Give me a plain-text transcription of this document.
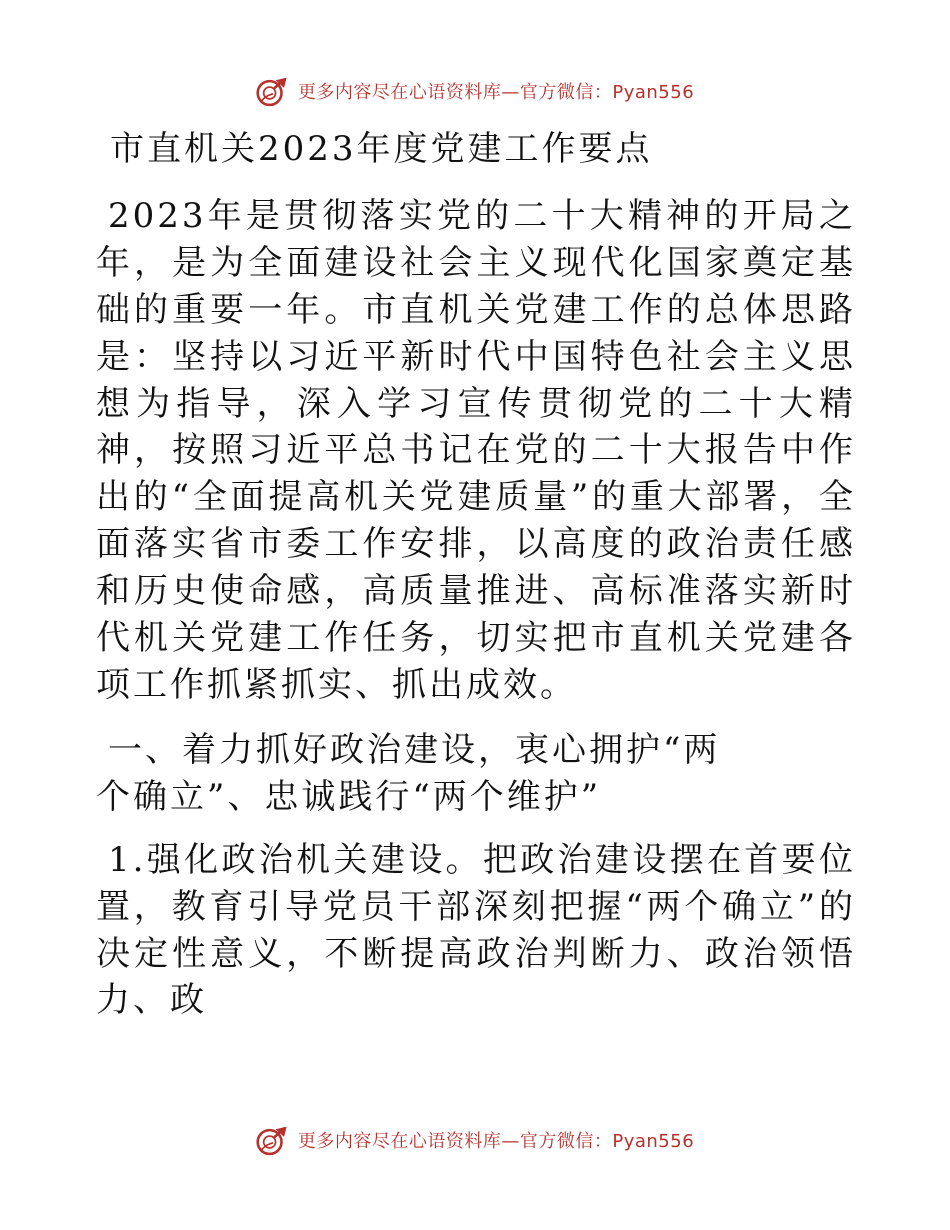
更多内容尽在心语资料库—官方微信：Pyan556
市直机关2023年度党建工作要点

2023年是贯彻落实党的二十大精神的开局之年，是为全面建设社会主义现代化国家奠定基础的重要一年。市直机关党建工作的总体思路是：坚持以习近平新时代中国特色社会主义思想为指导，深入学习宣传贯彻党的二十大精神，按照习近平总书记在党的二十大报告中作出的“全面提高机关党建质量”的重大部署，全面落实省市委工作安排，以高度的政治责任感和历史使命感，高质量推进、高标准落实新时代机关党建工作任务，切实把市直机关党建各项工作抓紧抓实、抓出成效。

一、着力抓好政治建设，衷心拥护“两个确立”、忠诚践行“两个维护”

1.强化政治机关建设。把政治建设摆在首要位置，教育引导党员干部深刻把握“两个确立”的决定性意义，不断提高政治判断力、政治领悟力、政

更多内容尽在心语资料库—官方微信：Pyan556
